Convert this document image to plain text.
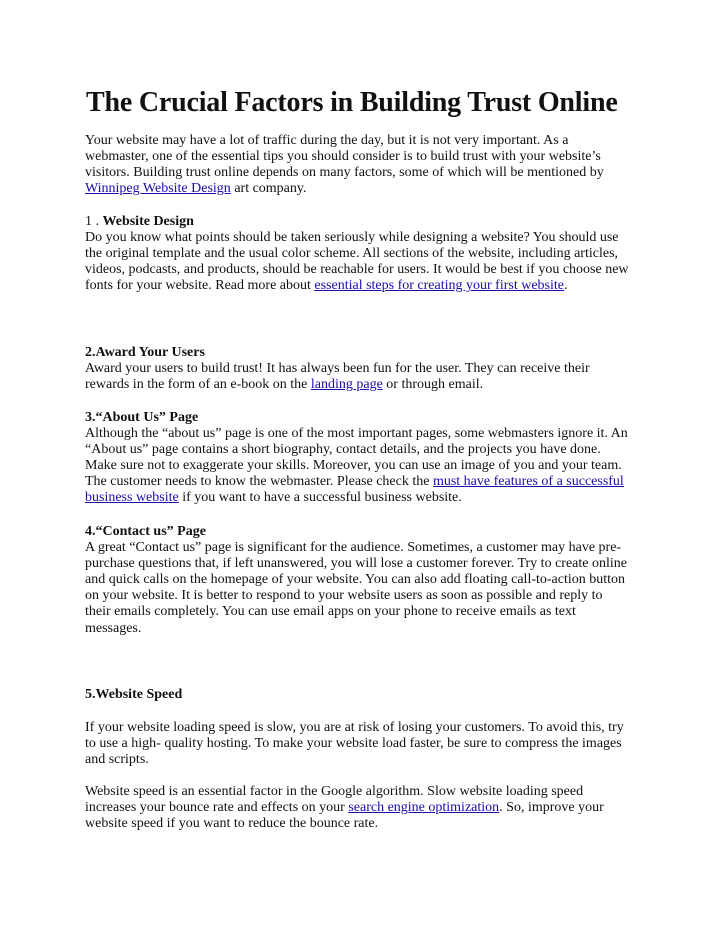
The Crucial Factors in Building Trust Online

Your website may have a lot of traffic during the day, but it is not very important. As a
webmaster, one of the essential tips you should consider is to build trust with your website’s
visitors. Building trust online depends on many factors, some of which will be mentioned by
Winnipeg Website Design art company.

1 . Website Design
Do you know what points should be taken seriously while designing a website? You should use
the original template and the usual color scheme. All sections of the website, including articles,
videos, podcasts, and products, should be reachable for users. It would be best if you choose new
fonts for your website. Read more about essential steps for creating your first website.

2.Award Your Users
Award your users to build trust! It has always been fun for the user. They can receive their
rewards in the form of an e-book on the landing page or through email.

3.“About Us” Page
Although the “about us” page is one of the most important pages, some webmasters ignore it. An
“About us” page contains a short biography, contact details, and the projects you have done.
Make sure not to exaggerate your skills. Moreover, you can use an image of you and your team.
The customer needs to know the webmaster. Please check the must have features of a successful
business website if you want to have a successful business website.

4.“Contact us” Page
A great “Contact us” page is significant for the audience. Sometimes, a customer may have pre-
purchase questions that, if left unanswered, you will lose a customer forever. Try to create online
and quick calls on the homepage of your website. You can also add floating call-to-action button
on your website. It is better to respond to your website users as soon as possible and reply to
their emails completely. You can use email apps on your phone to receive emails as text
messages.

5.Website Speed

If your website loading speed is slow, you are at risk of losing your customers. To avoid this, try
to use a high- quality hosting. To make your website load faster, be sure to compress the images
and scripts.

Website speed is an essential factor in the Google algorithm. Slow website loading speed
increases your bounce rate and effects on your search engine optimization. So, improve your
website speed if you want to reduce the bounce rate.
